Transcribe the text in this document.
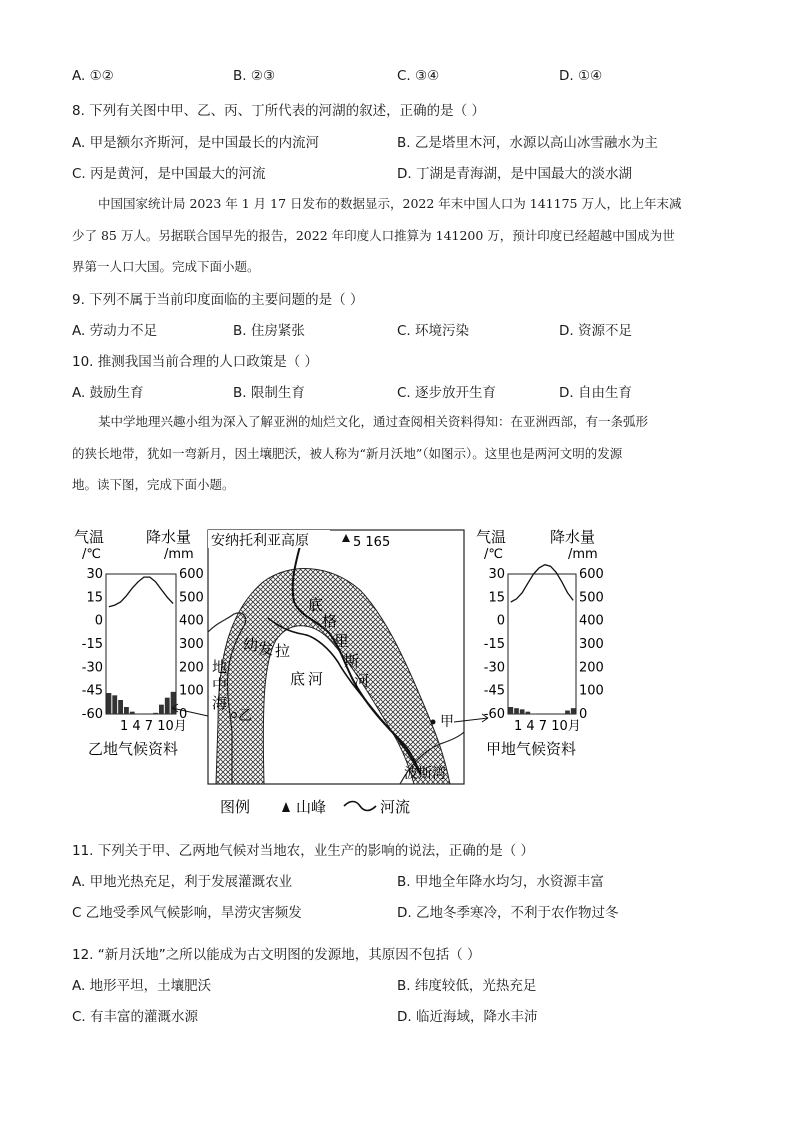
A. ①②	B. ②③	C. ③④	D. ①④
8. 下列有关图中甲、乙、丙、丁所代表的河湖的叙述，正确的是（ ）
A. 甲是额尔齐斯河，是中国最长的内流河	B. 乙是塔里木河，水源以高山冰雪融水为主
C. 丙是黄河，是中国最大的河流	D. 丁湖是青海湖，是中国最大的淡水湖
中国国家统计局 2023 年 1 月 17 日发布的数据显示，2022 年末中国人口为 141175 万人，比上年末减
少了 85 万人。另据联合国早先的报告，2022 年印度人口推算为 141200 万，预计印度已经超越中国成为世
界第一人口大国。完成下面小题。
9. 下列不属于当前印度面临的主要问题的是（ ）
A. 劳动力不足	B. 住房紧张	C. 环境污染	D. 资源不足
10. 推测我国当前合理的人口政策是（ ）
A. 鼓励生育	B. 限制生育	C. 逐步放开生育	D. 自由生育
某中学地理兴趣小组为深入了解亚洲的灿烂文化，通过查阅相关资料得知：在亚洲西部，有一条弧形
的狭长地带，犹如一弯新月，因土壤肥沃，被人称为“新月沃地”（如图示）。这里也是两河文明的发源
地。读下图，完成下面小题。
气温
/℃
降水量
/mm
30
15
0
-15
-30
-45
-60
600
500
400
300
200
100
0
1 4 7 10月
乙地气候资料
安纳托利亚高原	5 165
幼发 拉底 河
底格里斯河
地中海
乙	甲
波斯湾
气温
/℃
降水量
/mm
30
15
0
-15
-30
-45
-60
600
500
400
300
200
100
0
1 4 7 10月
甲地气候资料
图例	山峰	河流
11. 下列关于甲、乙两地气候对当地农，业生产的影响的说法，正确的是（ ）
A. 甲地光热充足，利于发展灌溉农业	B. 甲地全年降水均匀，水资源丰富
C 乙地受季风气候影响，旱涝灾害频发	D. 乙地冬季寒冷，不利于农作物过冬
12. “新月沃地”之所以能成为古文明图的发源地，其原因不包括（ ）
A. 地形平坦，土壤肥沃	B. 纬度较低，光热充足
C. 有丰富的灌溉水源	D. 临近海域，降水丰沛
